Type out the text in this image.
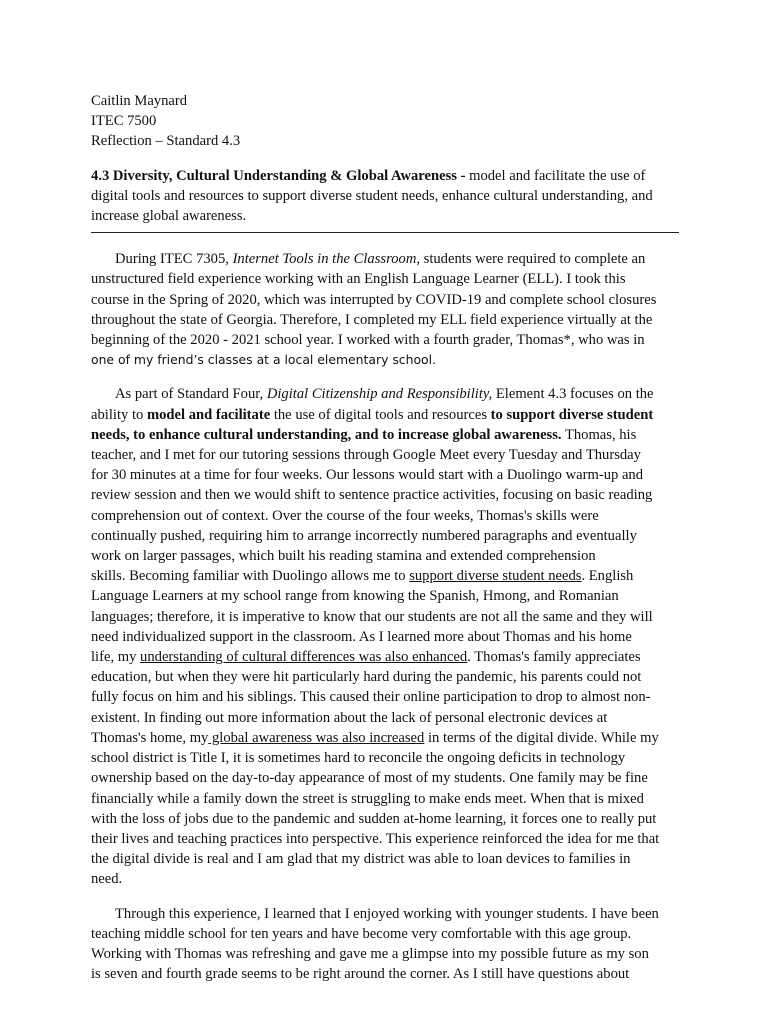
Caitlin Maynard

ITEC 7500

Reflection – Standard 4.3

4.3 Diversity, Cultural Understanding & Global Awareness - model and facilitate the use of

digital tools and resources to support diverse student needs, enhance cultural understanding, and

increase global awareness.

During ITEC 7305, Internet Tools in the Classroom, students were required to complete an

unstructured field experience working with an English Language Learner (ELL). I took this

course in the Spring of 2020, which was interrupted by COVID-19 and complete school closures

throughout the state of Georgia. Therefore, I completed my ELL field experience virtually at the

beginning of the 2020 - 2021 school year. I worked with a fourth grader, Thomas*, who was in

one of my friend’s classes at a local elementary school.

As part of Standard Four, Digital Citizenship and Responsibility, Element 4.3 focuses on the

ability to model and facilitate the use of digital tools and resources to support diverse student

needs, to enhance cultural understanding, and to increase global awareness. Thomas, his

teacher, and I met for our tutoring sessions through Google Meet every Tuesday and Thursday

for 30 minutes at a time for four weeks. Our lessons would start with a Duolingo warm-up and

review session and then we would shift to sentence practice activities, focusing on basic reading

comprehension out of context. Over the course of the four weeks, Thomas's skills were

continually pushed, requiring him to arrange incorrectly numbered paragraphs and eventually

work on larger passages, which built his reading stamina and extended comprehension

skills. Becoming familiar with Duolingo allows me to support diverse student needs. English

Language Learners at my school range from knowing the Spanish, Hmong, and Romanian

languages; therefore, it is imperative to know that our students are not all the same and they will

need individualized support in the classroom. As I learned more about Thomas and his home

life, my understanding of cultural differences was also enhanced. Thomas's family appreciates

education, but when they were hit particularly hard during the pandemic, his parents could not

fully focus on him and his siblings. This caused their online participation to drop to almost non-

existent. In finding out more information about the lack of personal electronic devices at

Thomas's home, my global awareness was also increased in terms of the digital divide. While my

school district is Title I, it is sometimes hard to reconcile the ongoing deficits in technology

ownership based on the day-to-day appearance of most of my students. One family may be fine

financially while a family down the street is struggling to make ends meet. When that is mixed

with the loss of jobs due to the pandemic and sudden at-home learning, it forces one to really put

their lives and teaching practices into perspective. This experience reinforced the idea for me that

the digital divide is real and I am glad that my district was able to loan devices to families in

need.

Through this experience, I learned that I enjoyed working with younger students. I have been

teaching middle school for ten years and have become very comfortable with this age group.

Working with Thomas was refreshing and gave me a glimpse into my possible future as my son

is seven and fourth grade seems to be right around the corner. As I still have questions about
